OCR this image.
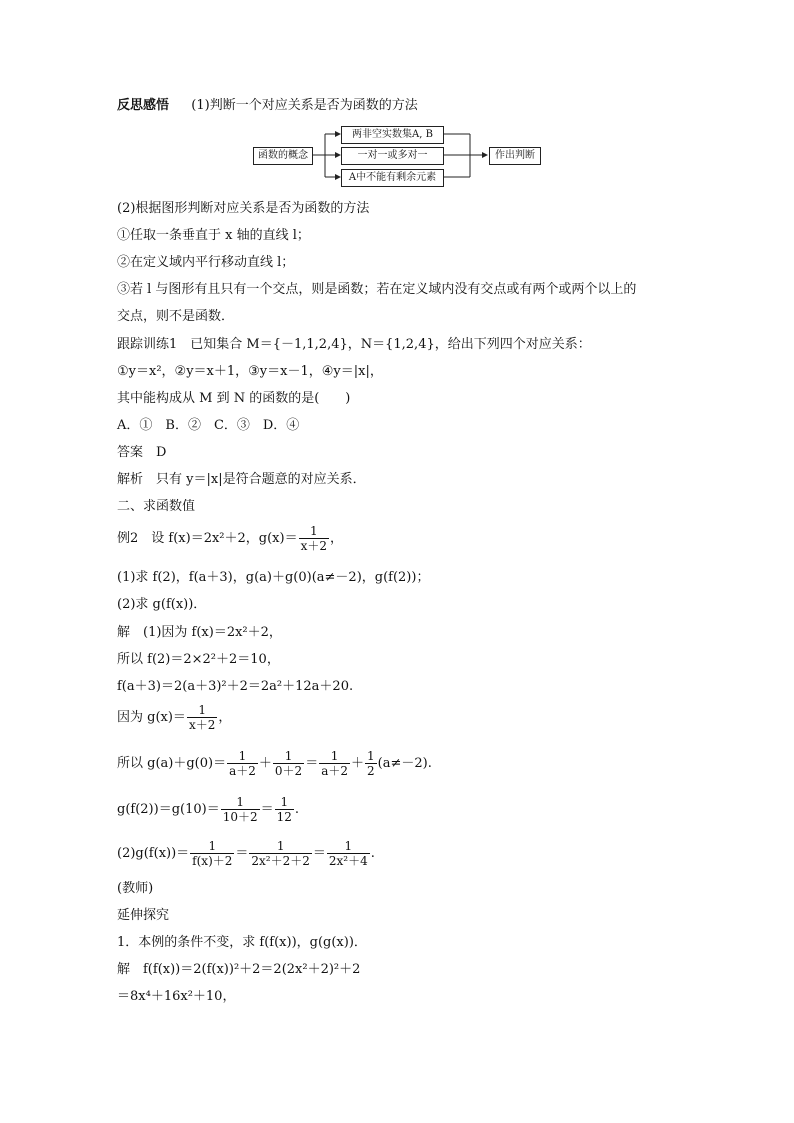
反思感悟 (1)判断一个对应关系是否为函数的方法
函数的概念
两非空实数集A, B
一对一或多对一
A中不能有剩余元素
作出判断
(2)根据图形判断对应关系是否为函数的方法
①任取一条垂直于 x 轴的直线 l；
②在定义域内平行移动直线 l；
③若 l 与图形有且只有一个交点，则是函数；若在定义域内没有交点或有两个或两个以上的
交点，则不是函数．
跟踪训练1　已知集合 M＝{－1,1,2,4}，N＝{1,2,4}，给出下列四个对应关系：
①y＝x²，②y＝x＋1，③y＝x－1，④y＝|x|，
其中能构成从 M 到 N 的函数的是(　　)
A．①　B．②　C．③　D．④
答案　D
解析　只有 y＝|x|是符合题意的对应关系．
二、求函数值
例2　设 f(x)＝2x²＋2，$g(x)= \frac{1}{x+2}$ ，
(1)求 f(2)，f(a＋3)，g(a)＋g(0)(a≠－2)，g(f(2))；
(2)求 g(f(x))．
解　(1)因为 f(x)＝2x²＋2，
所以 f(2)＝2×2²＋2＝10，
f(a＋3)＝2(a＋3)²＋2＝2a²＋12a＋20.
因为 $g(x)= \frac{1}{x+2}$ ，
所以 $g(a)+g(0)= \frac{1}{a+2} + \frac{1}{0+2} = \frac{1}{a+2} + \frac{1}{2} (a\ne-2)$.
$g(f(2))=g(10)= \frac{1}{10+2} = \frac{1}{12}$ .
$(2)g(f(x))= \frac{1}{f(x)+2} = \frac{1}{\text{2x²＋2＋2}} = \frac{1}{\text{2x²＋4}}$ .
(教师)
延伸探究
1．本例的条件不变，求 f(f(x))，g(g(x))．
解　f(f(x))＝2(f(x))²＋2＝2(2x²＋2)²＋2
＝8x⁴＋16x²＋10，
